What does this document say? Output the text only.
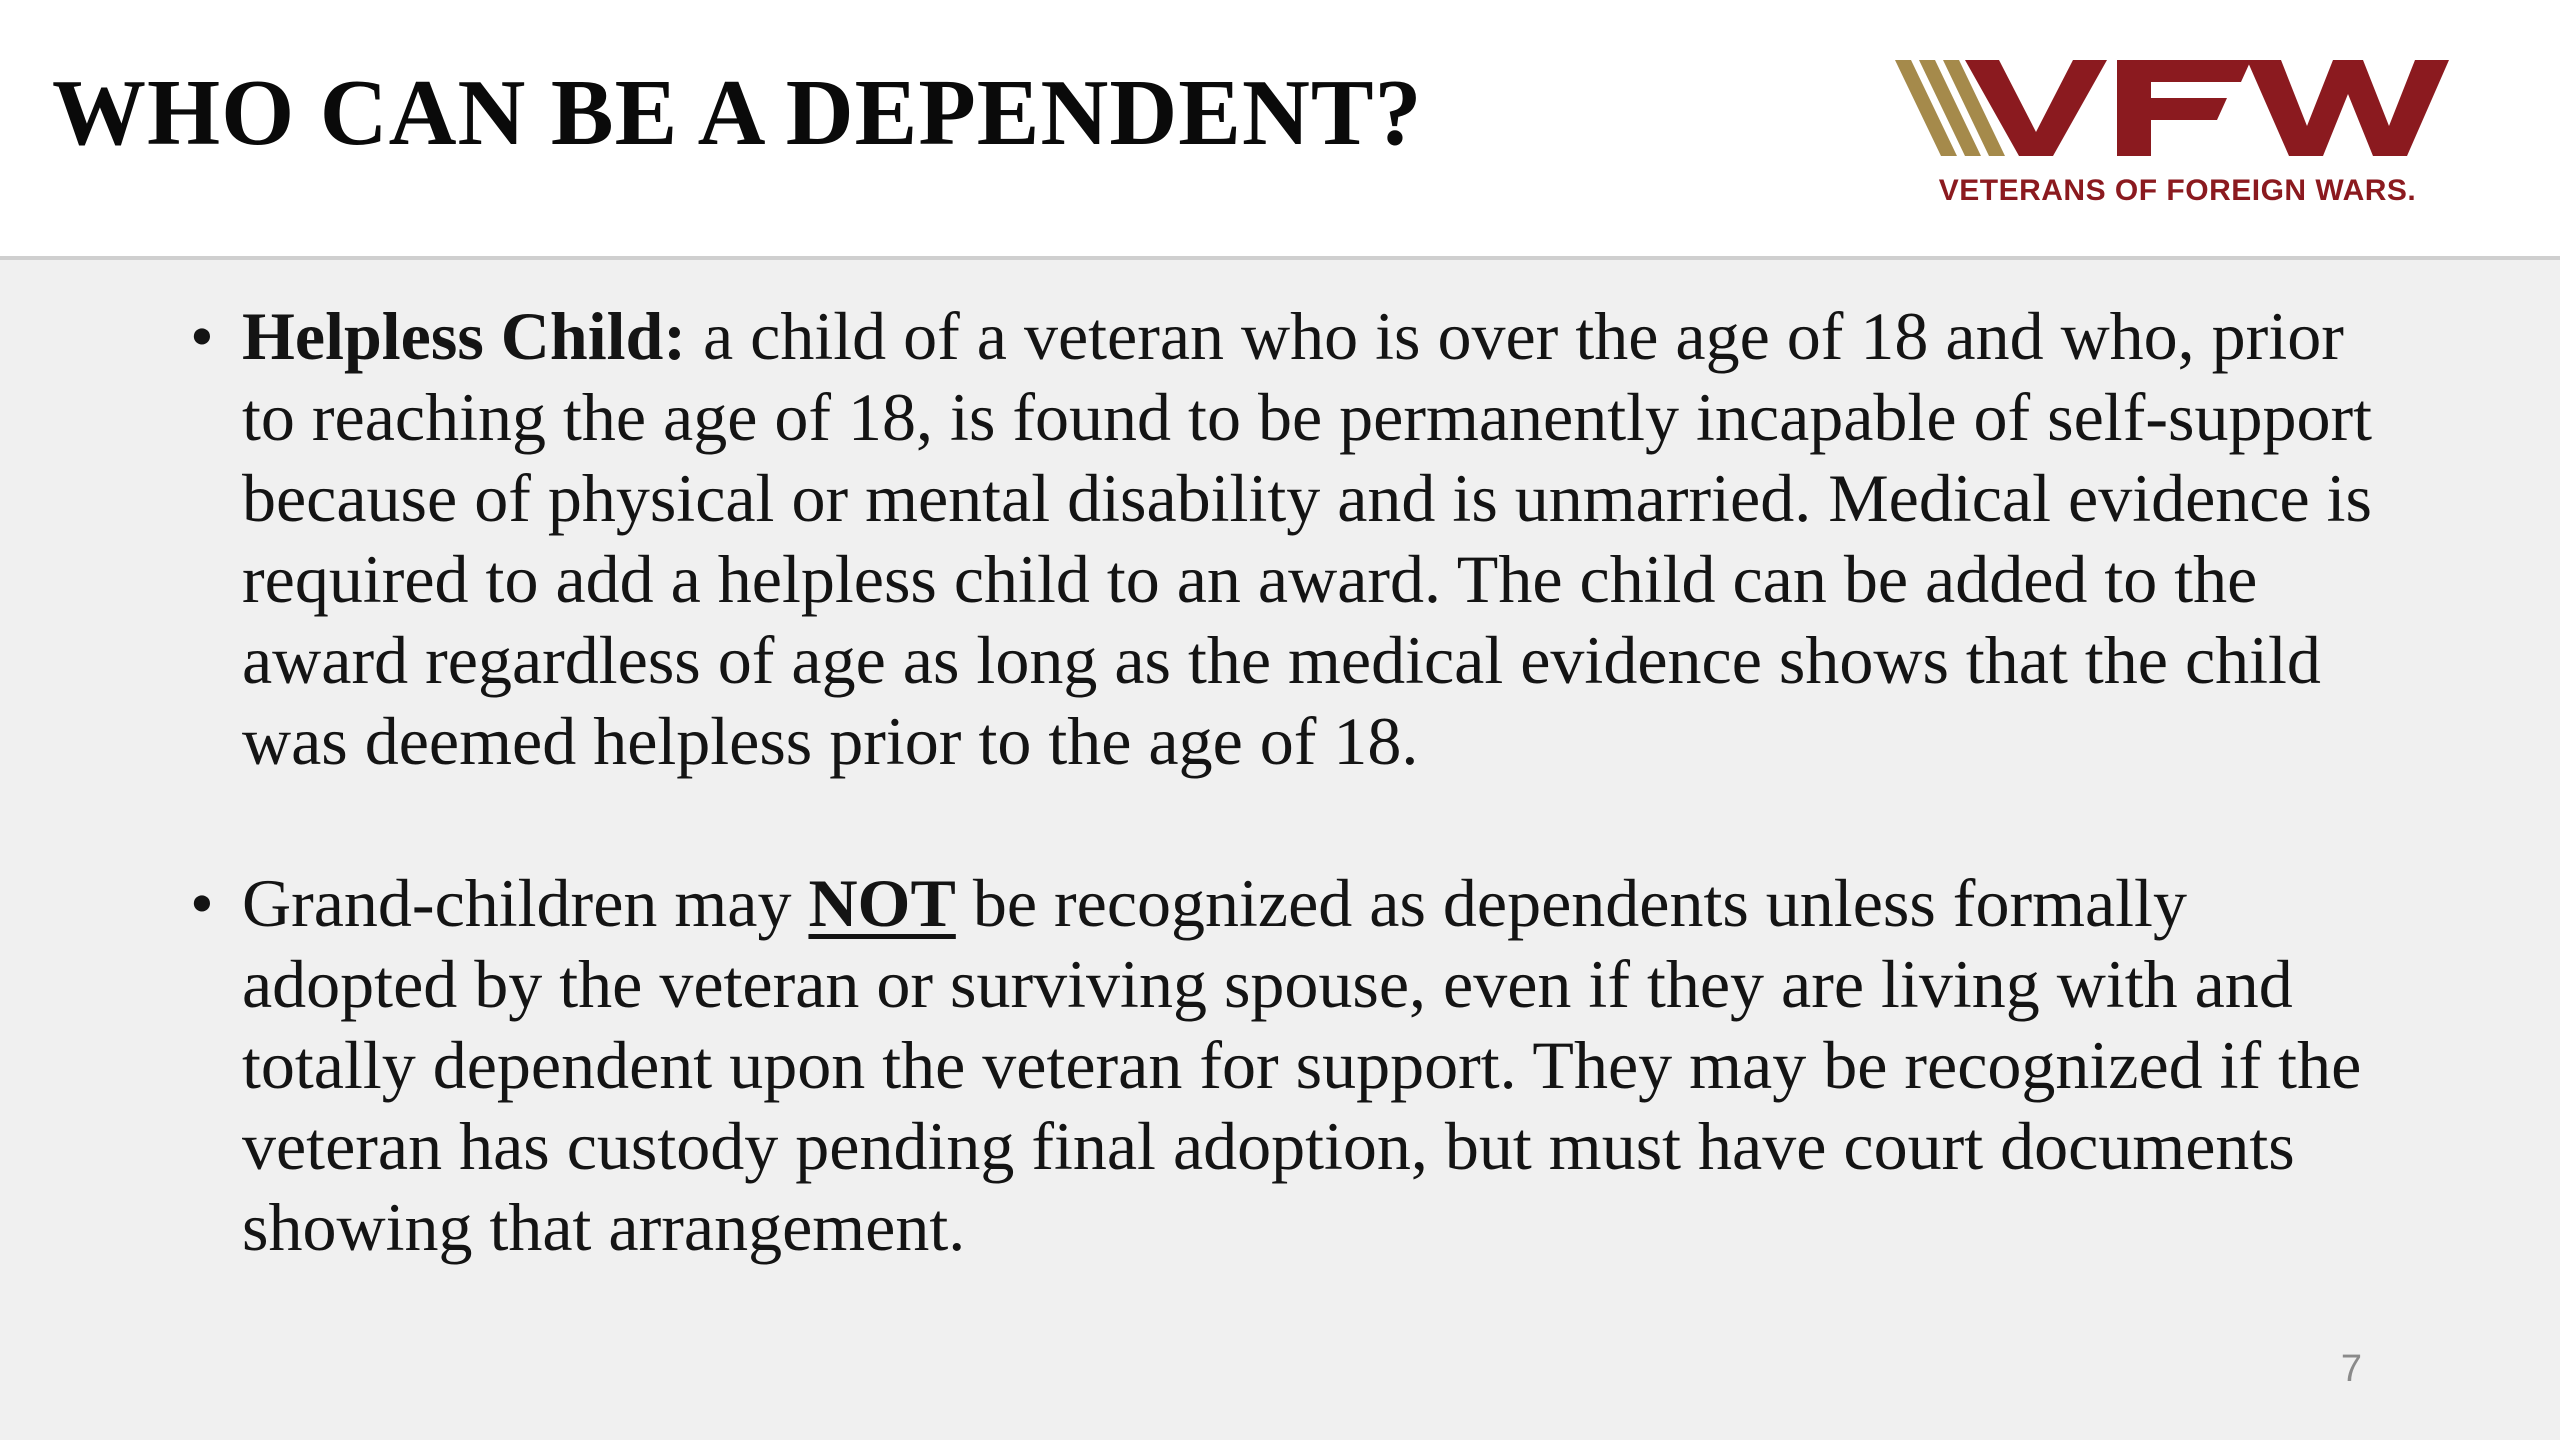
WHO CAN BE A DEPENDENT?
VETERANS OF FOREIGN WARS.
• Helpless Child: a child of a veteran who is over the age of 18 and who, prior to reaching the age of 18, is found to be permanently incapable of self-support because of physical or mental disability and is unmarried. Medical evidence is required to add a helpless child to an award. The child can be added to the award regardless of age as long as the medical evidence shows that the child was deemed helpless prior to the age of 18.
• Grand-children may NOT be recognized as dependents unless formally adopted by the veteran or surviving spouse, even if they are living with and totally dependent upon the veteran for support. They may be recognized if the veteran has custody pending final adoption, but must have court documents showing that arrangement.
7
